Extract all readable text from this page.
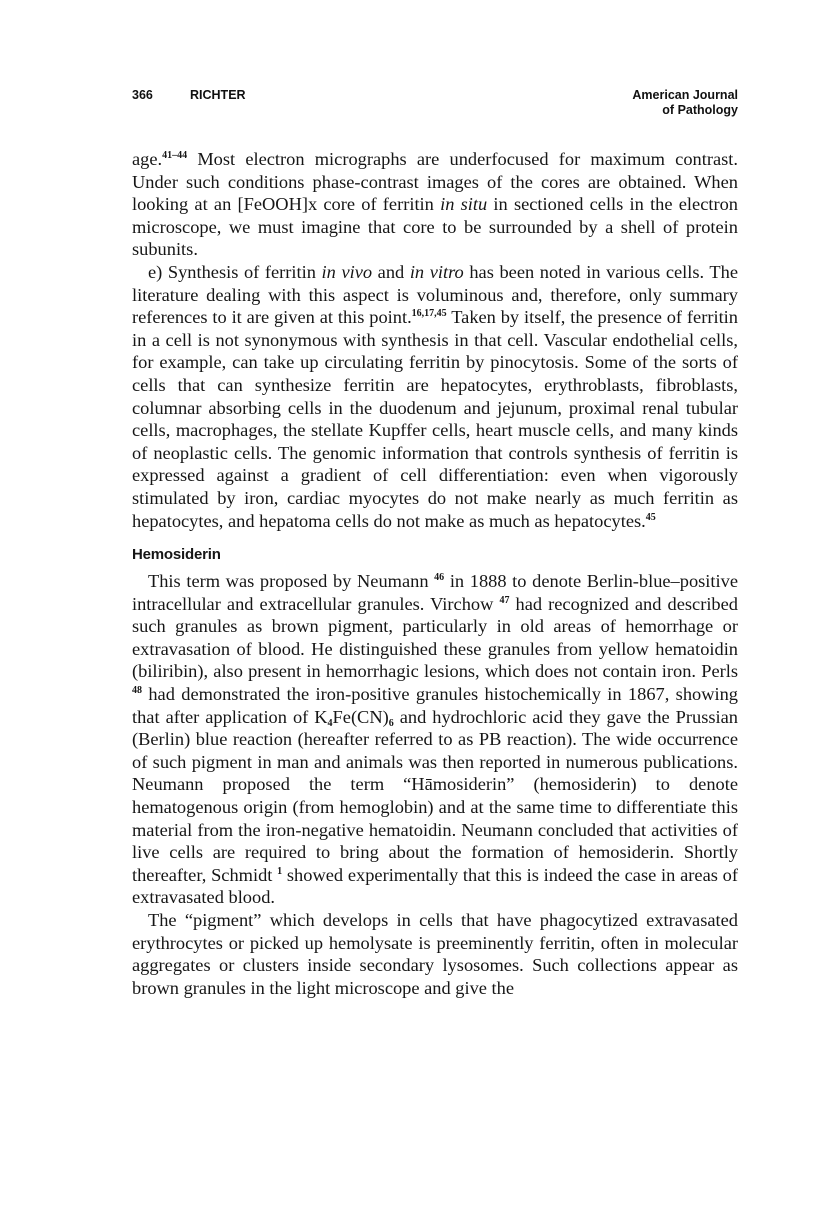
366	RICHTER	American Journal
of Pathology

age.$^{41-44}$ Most electron micrographs are underfocused for maximum contrast. Under such conditions phase-contrast images of the cores are obtained. When looking at an [FeOOH]x core of ferritin in situ in sectioned cells in the electron microscope, we must imagine that core to be surrounded by a shell of protein subunits.

e) Synthesis of ferritin in vivo and in vitro has been noted in various cells. The literature dealing with this aspect is voluminous and, therefore, only summary references to it are given at this point.$^{16,17,45}$ Taken by itself, the presence of ferritin in a cell is not synonymous with synthesis in that cell. Vascular endothelial cells, for example, can take up circulating ferritin by pinocytosis. Some of the sorts of cells that can synthesize ferritin are hepatocytes, erythroblasts, fibroblasts, columnar absorbing cells in the duodenum and jejunum, proximal renal tubular cells, macrophages, the stellate Kupffer cells, heart muscle cells, and many kinds of neoplastic cells. The genomic information that controls synthesis of ferritin is expressed against a gradient of cell differentiation: even when vigorously stimulated by iron, cardiac myocytes do not make nearly as much ferritin as hepatocytes, and hepatoma cells do not make as much as hepatocytes.$^{45}$

Hemosiderin

This term was proposed by Neumann $^{46}$ in 1888 to denote Berlin-blue–positive intracellular and extracellular granules. Virchow $^{47}$ had recognized and described such granules as brown pigment, particularly in old areas of hemorrhage or extravasation of blood. He distinguished these granules from yellow hematoidin (biliribin), also present in hemorrhagic lesions, which does not contain iron. Perls $^{48}$ had demonstrated the iron-positive granules histochemically in 1867, showing that after application of $K_4Fe(CN)_6$ and hydrochloric acid they gave the Prussian (Berlin) blue reaction (hereafter referred to as PB reaction). The wide occurrence of such pigment in man and animals was then reported in numerous publications. Neumann proposed the term “Hāmosiderin” (hemosiderin) to denote hematogenous origin (from hemoglobin) and at the same time to differentiate this material from the iron-negative hematoidin. Neumann concluded that activities of live cells are required to bring about the formation of hemosiderin. Shortly thereafter, Schmidt $^1$ showed experimentally that this is indeed the case in areas of extravasated blood.

The “pigment” which develops in cells that have phagocytized extravasated erythrocytes or picked up hemolysate is preeminently ferritin, often in molecular aggregates or clusters inside secondary lysosomes. Such collections appear as brown granules in the light microscope and give the
